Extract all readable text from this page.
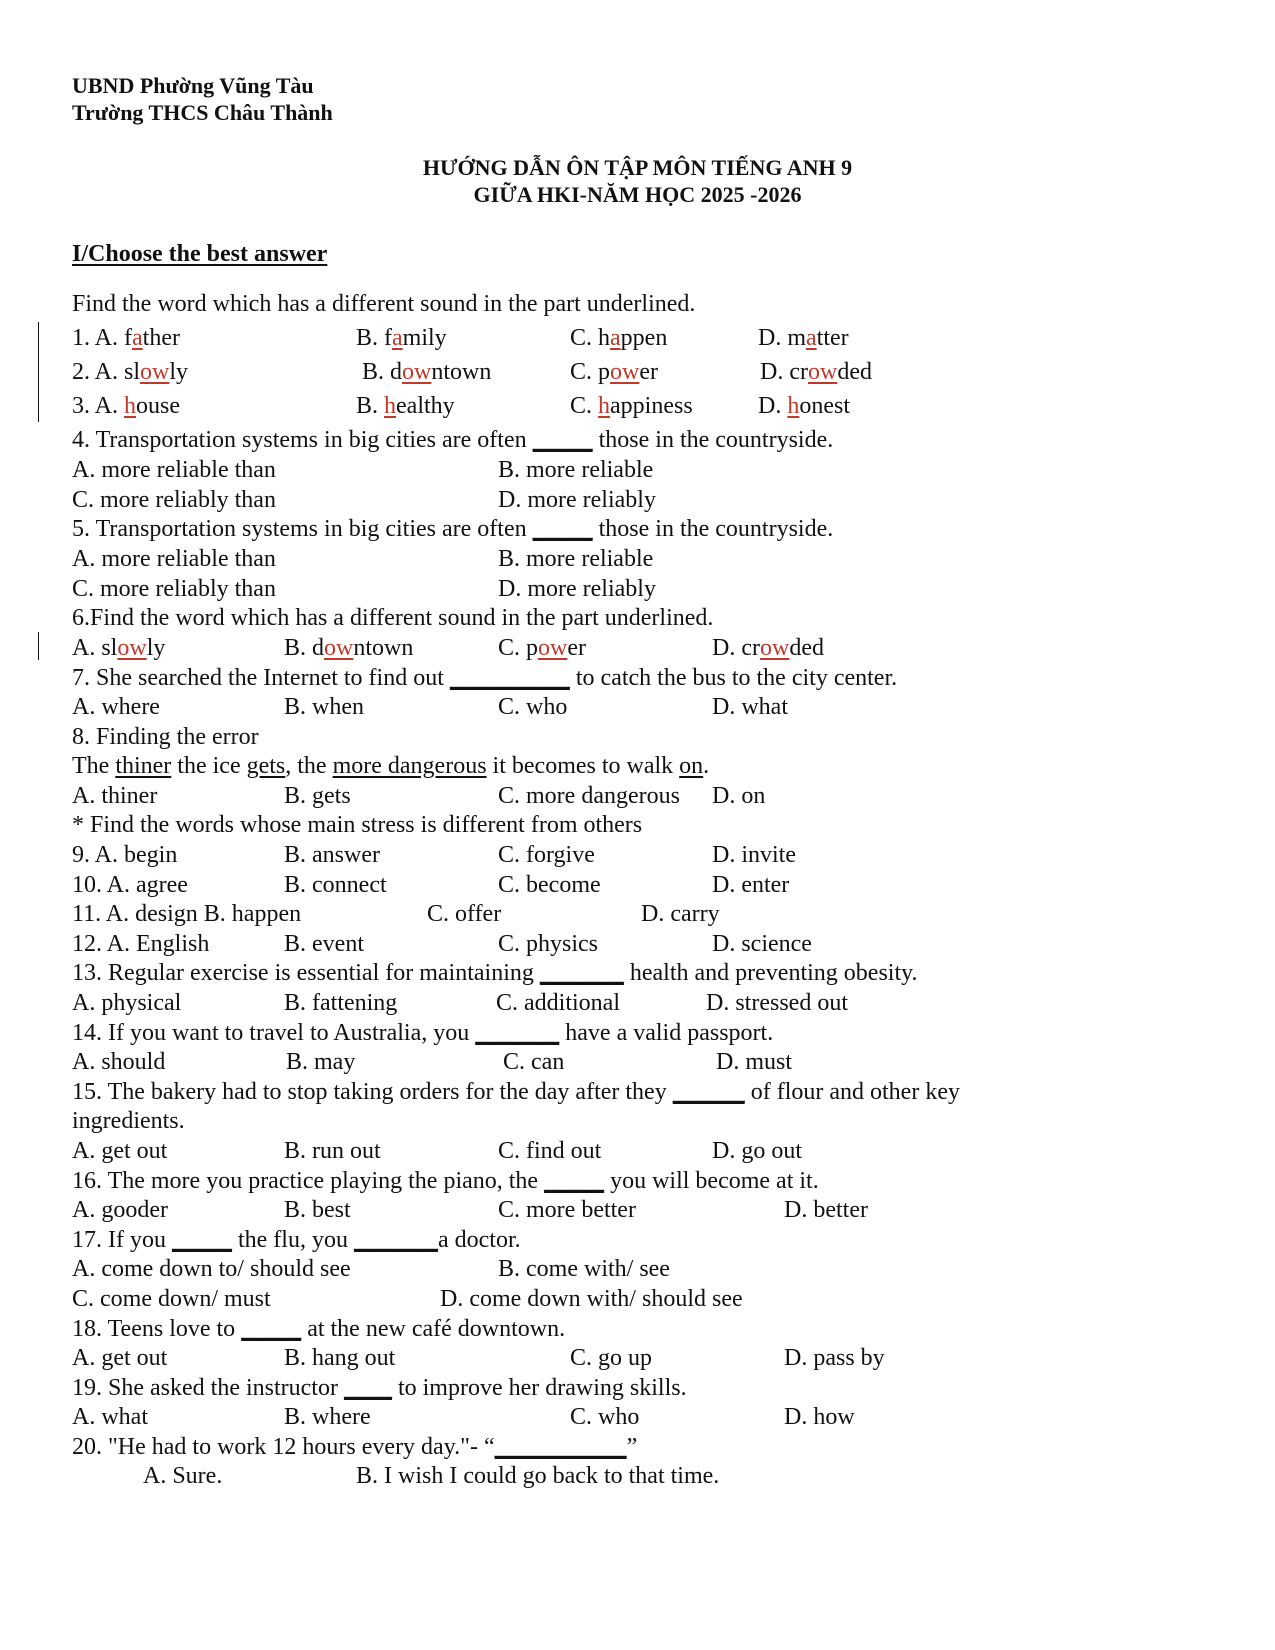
UBND Phường Vũng Tàu
Trường THCS Châu Thành
HƯỚNG DẪN ÔN TẬP MÔN TIẾNG ANH 9
GIỮA HKI-NĂM HỌC 2025 -2026
I/Choose the best answer
Find the word which has a different sound in the part underlined.
1. A. father	B. family	C. happen	D. matter
2. A. slowly	B. downtown	C. power	D. crowded
3. A. house	B. healthy	C. happiness	D. honest
4. Transportation systems in big cities are often _____ those in the countryside.
A. more reliable than	B. more reliable
C. more reliably than	D. more reliably
5. Transportation systems in big cities are often _____ those in the countryside.
A. more reliable than	B. more reliable
C. more reliably than	D. more reliably
6.Find the word which has a different sound in the part underlined.
A. slowly	B. downtown	C. power	D. crowded
7. She searched the Internet to find out __________ to catch the bus to the city center.
A. where	B. when	C. who	D. what
8. Finding the error
The thiner the ice gets, the more dangerous it becomes to walk on.
A. thiner	B. gets	C. more dangerous D. on
* Find the words whose main stress is different from others
9. A. begin	B. answer	C. forgive	D. invite
10. A. agree	B. connect	C. become	D. enter
11. A. design B. happen	C. offer	D. carry
12. A. English	B. event	C. physics	D. science
13. Regular exercise is essential for maintaining _______ health and preventing obesity.
A. physical	B. fattening	C. additional	D. stressed out
14. If you want to travel to Australia, you _______ have a valid passport.
A. should	B. may	C. can	D. must
15. The bakery had to stop taking orders for the day after they ______ of flour and other key
ingredients.
A. get out	B. run out	C. find out	D. go out
16. The more you practice playing the piano, the _____ you will become at it.
A. gooder	B. best	C. more better	D. better
17. If you _____ the flu, you _______a doctor.
A. come down to/ should see	B. come with/ see
C. come down/ must	D. come down with/ should see
18. Teens love to _____ at the new café downtown.
A. get out	B. hang out	C. go up	D. pass by
19. She asked the instructor ____ to improve her drawing skills.
A. what	B. where	C. who	D. how
20. "He had to work 12 hours every day."- “___________”
A. Sure.	B. I wish I could go back to that time.
